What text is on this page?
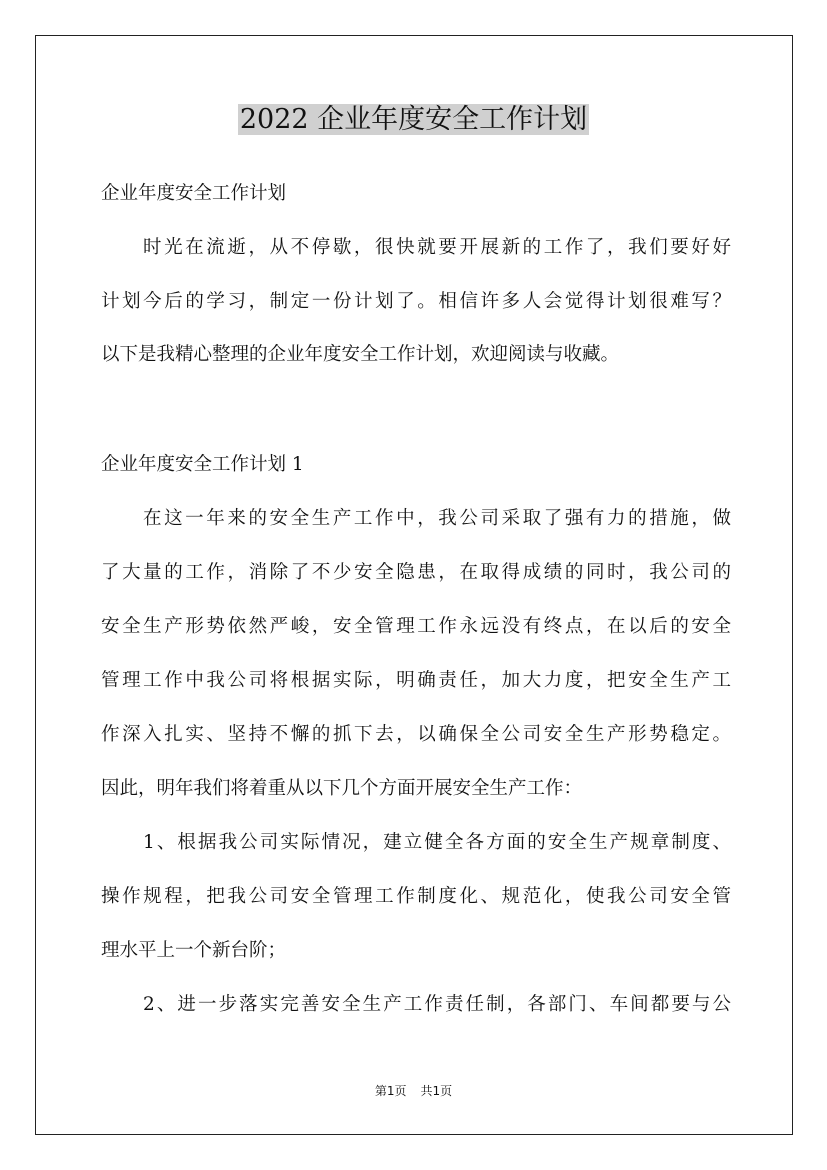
2022 企业年度安全工作计划
企业年度安全工作计划
时光在流逝，从不停歇，很快就要开展新的工作了，我们要好好
计划今后的学习，制定一份计划了。相信许多人会觉得计划很难写？
以下是我精心整理的企业年度安全工作计划，欢迎阅读与收藏。
企业年度安全工作计划 1
在这一年来的安全生产工作中，我公司采取了强有力的措施，做
了大量的工作，消除了不少安全隐患，在取得成绩的同时，我公司的
安全生产形势依然严峻，安全管理工作永远没有终点，在以后的安全
管理工作中我公司将根据实际，明确责任，加大力度，把安全生产工
作深入扎实、坚持不懈的抓下去，以确保全公司安全生产形势稳定。
因此，明年我们将着重从以下几个方面开展安全生产工作：
1、根据我公司实际情况，建立健全各方面的安全生产规章制度、
操作规程，把我公司安全管理工作制度化、规范化，使我公司安全管
理水平上一个新台阶；
2、进一步落实完善安全生产工作责任制，各部门、车间都要与公
第1页 共1页
